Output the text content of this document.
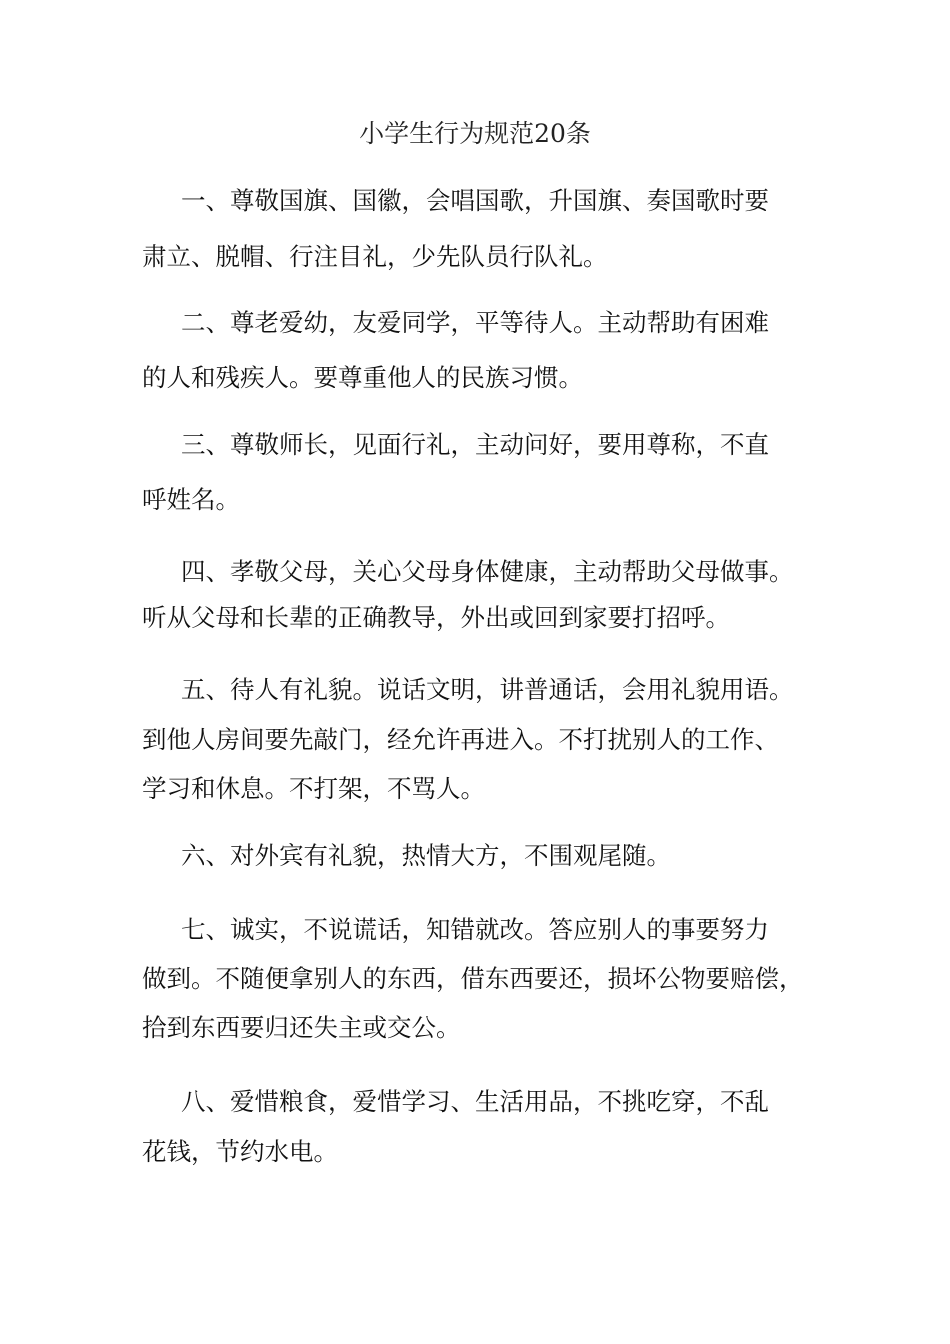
小学生行为规范20条
一、尊敬国旗、国徽，会唱国歌，升国旗、奏国歌时要
肃立、脱帽、行注目礼，少先队员行队礼。
二、尊老爱幼，友爱同学，平等待人。主动帮助有困难
的人和残疾人。要尊重他人的民族习惯。
三、尊敬师长，见面行礼，主动问好，要用尊称，不直
呼姓名。
四、孝敬父母，关心父母身体健康，主动帮助父母做事。
听从父母和长辈的正确教导，外出或回到家要打招呼。
五、待人有礼貌。说话文明，讲普通话，会用礼貌用语。
到他人房间要先敲门，经允许再进入。不打扰别人的工作、
学习和休息。不打架，不骂人。
六、对外宾有礼貌，热情大方，不围观尾随。
七、诚实，不说谎话，知错就改。答应别人的事要努力
做到。不随便拿别人的东西，借东西要还，损坏公物要赔偿，
拾到东西要归还失主或交公。
八、爱惜粮食，爱惜学习、生活用品，不挑吃穿，不乱
花钱，节约水电。
